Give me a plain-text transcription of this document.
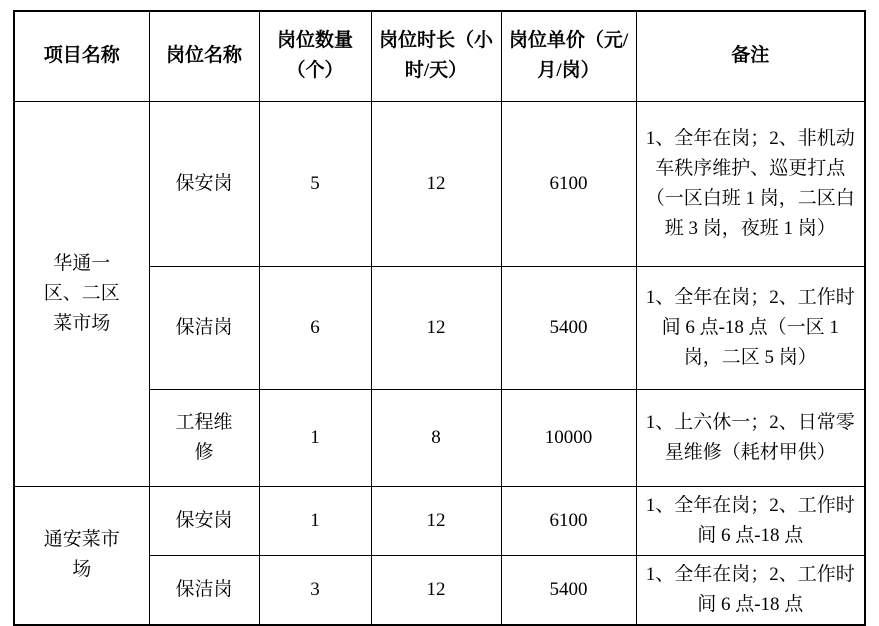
项目名称	岗位名称	岗位数量（个）	岗位时长（小时/天）	岗位单价（元/月/岗）	备注
华通一区、二区菜市场	保安岗	5	12	6100	1、全年在岗；2、非机动车秩序维护、巡更打点（一区白班 1 岗，二区白班 3 岗，夜班 1 岗）
	保洁岗	6	12	5400	1、全年在岗；2、工作时间 6 点-18 点（一区 1 岗，二区 5 岗）
	工程维修	1	8	10000	1、上六休一；2、日常零星维修（耗材甲供）
通安菜市场	保安岗	1	12	6100	1、全年在岗；2、工作时间 6 点-18 点
	保洁岗	3	12	5400	1、全年在岗；2、工作时间 6 点-18 点
